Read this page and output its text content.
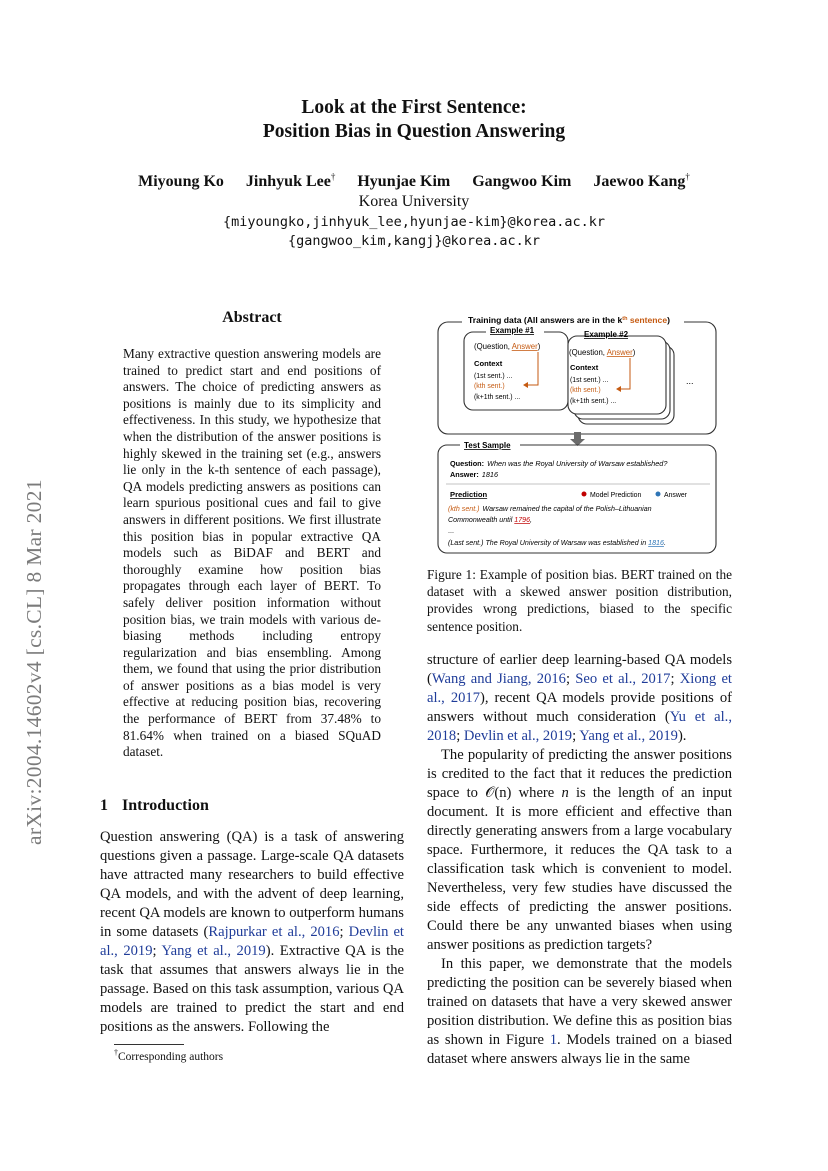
Look at the First Sentence:
Position Bias in Question Answering
Miyoung Ko Jinhyuk Lee† Hyunjae Kim Gangwoo Kim Jaewoo Kang†
Korea University
{miyoungko,jinhyuk_lee,hyunjae-kim}@korea.ac.kr
{gangwoo_kim,kangj}@korea.ac.kr
arXiv:2004.14602v4 [cs.CL] 8 Mar 2021
Abstract
Many extractive question answering models are trained to predict start and end positions of answers. The choice of predicting answers as positions is mainly due to its simplicity and effectiveness. In this study, we hypothesize that when the distribution of the answer positions is highly skewed in the training set (e.g., answers lie only in the k-th sentence of each passage), QA models predicting answers as positions can learn spurious positional cues and fail to give answers in different positions. We first illustrate this position bias in popular extractive QA models such as BiDAF and BERT and thoroughly examine how position bias propagates through each layer of BERT. To safely deliver position information without position bias, we train models with various de-biasing methods including entropy regularization and bias ensembling. Among them, we found that using the prior distribution of answer positions as a bias model is very effective at reducing position bias, recovering the performance of BERT from 37.48% to 81.64% when trained on a biased SQuAD dataset.
1 Introduction

Question answering (QA) is a task of answering questions given a passage. Large-scale QA datasets have attracted many researchers to build effective QA models, and with the advent of deep learning, recent QA models are known to outperform humans in some datasets (Rajpurkar et al., 2016; Devlin et al., 2019; Yang et al., 2019). Extractive QA is the task that assumes that answers always lie in the passage. Based on this task assumption, various QA models are trained to predict the start and end positions as the answers. Following the

†Corresponding authors
Training data (All answers are in the $k^{th}$ sentence)
Example #1
(Question, Answer)
Context
(1st sent.) ...
(kth sent.)
(k+1th sent.) ...
Example #2
(Question, Answer)
Context
(1st sent.) ...
(kth sent.)
(k+1th sent.) ...
...
Test Sample
Question: When was the Royal University of Warsaw established?
Answer: 1816
Prediction	Model Prediction	Answer
(kth sent.) Warsaw remained the capital of the Polish–Lithuanian
Commonwealth until 1796,
...
(Last sent.) The Royal University of Warsaw was established in 1816.
Figure 1: Example of position bias. BERT trained on the dataset with a skewed answer position distribution, provides wrong predictions, biased to the specific sentence position.

structure of earlier deep learning-based QA models (Wang and Jiang, 2016; Seo et al., 2017; Xiong et al., 2017), recent QA models provide positions of answers without much consideration (Yu et al., 2018; Devlin et al., 2019; Yang et al., 2019).

The popularity of predicting the answer positions is credited to the fact that it reduces the prediction space to 𝒪(n) where n is the length of an input document. It is more efficient and effective than directly generating answers from a large vocabulary space. Furthermore, it reduces the QA task to a classification task which is convenient to model. Nevertheless, very few studies have discussed the side effects of predicting the answer positions. Could there be any unwanted biases when using answer positions as prediction targets?

In this paper, we demonstrate that the models predicting the position can be severely biased when trained on datasets that have a very skewed answer position distribution. We define this as position bias as shown in Figure 1. Models trained on a biased dataset where answers always lie in the same
